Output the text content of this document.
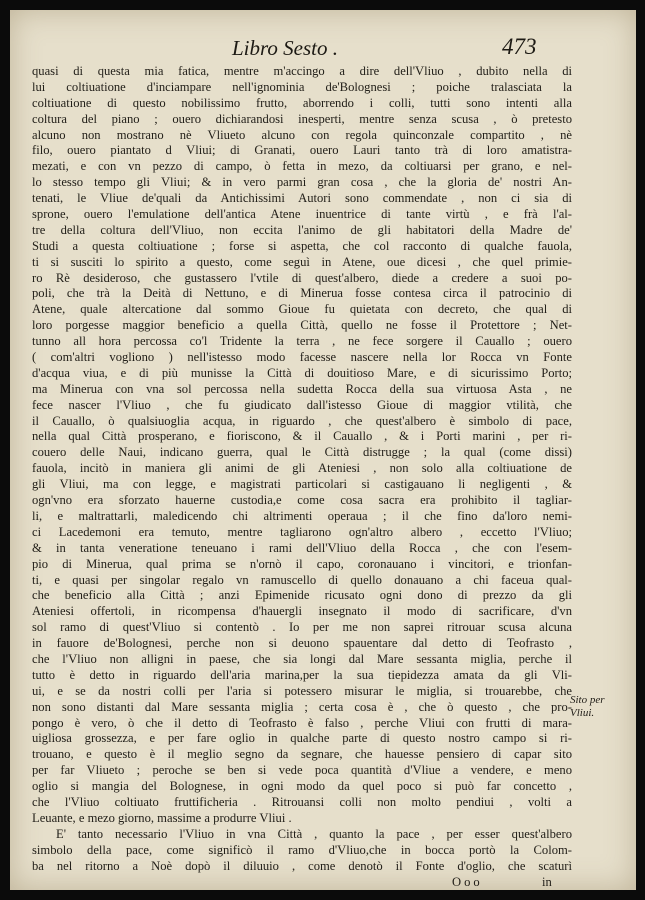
Libro Sesto .	473
quasi di questa mia fatica, mentre m'accingo a dire dell'Vliuo , dubito nella di
lui coltiuatione d'inciampare nell'ignominia de'Bolognesi ; poiche tralasciata la
coltiuatione di questo nobilissimo frutto, aborrendo i colli, tutti sono intenti alla
coltura del piano ; ouero dichiarandosi inesperti, mentre senza scusa , ò pretesto
alcuno non mostrano nè Vliueto alcuno con regola quinconzale compartito , nè
filo, ouero piantato d Vliui; di Granati, ouero Lauri tanto trà di loro amatistra-
mezati, e con vn pezzo di campo, ò fetta in mezo, da coltiuarsi per grano, e nel-
lo stesso tempo gli Vliui; & in vero parmi gran cosa , che la gloria de' nostri An-
tenati, le Vliue de'quali da Antichissimi Autori sono commendate , non ci sia di
sprone, ouero l'emulatione dell'antica Atene inuentrice di tante virtù , e frà l'al-
tre della coltura dell'Vliuo, non eccita l'animo de gli habitatori della Madre de'
Studi a questa coltiuatione ; forse si aspetta, che col racconto di qualche fauola,
ti si susciti lo spirito a questo, come seguì in Atene, oue dicesi , che quel primie-
ro Rè desideroso, che gustassero l'vtile di quest'albero, diede a credere a suoi po-
poli, che trà la Deità di Nettuno, e di Minerua fosse contesa circa il patrocinio di
Atene, quale altercatione dal sommo Gioue fu quietata con decreto, che qual di
loro porgesse maggior beneficio a quella Città, quello ne fosse il Protettore ; Net-
tunno all hora percossa co'l Tridente la terra , ne fece sorgere il Cauallo ; ouero
( com'altri vogliono ) nell'istesso modo facesse nascere nella lor Rocca vn Fonte
d'acqua viua, e di più munisse la Città di douitioso Mare, e di sicurissimo Porto;
ma Minerua con vna sol percossa nella sudetta Rocca della sua virtuosa Asta , ne
fece nascer l'Vliuo , che fu giudicato dall'istesso Gioue di maggior vtilità, che
il Cauallo, ò qualsiuoglia acqua, in riguardo , che quest'albero è simbolo di pace,
nella qual Città prosperano, e fioriscono, & il Cauallo , & i Porti marini , per ri-
couero delle Naui, indicano guerra, qual le Città distrugge ; la qual (come dissi)
fauola, incitò in maniera gli animi de gli Ateniesi , non solo alla coltiuatione de
gli Vliui, ma con legge, e magistrati particolari si castigauano li negligenti , &
ogn'vno era sforzato hauerne custodia,e come cosa sacra era prohibito il tagliar-
li, e maltrattarli, maledicendo chi altrimenti operaua ; il che fino da'loro nemi-
ci Lacedemoni era temuto, mentre tagliarono ogn'altro albero , eccetto l'Vliuo;
& in tanta veneratione teneuano i rami dell'Vliuo della Rocca , che con l'esem-
pio di Minerua, qual prima se n'ornò il capo, coronauano i vincitori, e trionfan-
ti, e quasi per singolar regalo vn ramuscello di quello donauano a chi faceua qual-
che beneficio alla Città ; anzi Epimenide ricusato ogni dono di prezzo da gli
Ateniesi offertoli, in ricompensa d'hauergli insegnato il modo di sacrificare, d'vn
sol ramo di quest'Vliuo si contentò . Io per me non saprei ritrouar scusa alcuna
in fauore de'Bolognesi, perche non si deuono spauentare dal detto di Teofrasto ,
che l'Vliuo non alligni in paese, che sia longi dal Mare sessanta miglia, perche il
tutto è detto in riguardo dell'aria marina,per la sua tiepidezza amata da gli Vli-
ui, e se da nostri colli per l'aria si potessero misurar le miglia, si trouarebbe, che
non sono distanti dal Mare sessanta miglia ; certa cosa è , che ò questo , che pro-
pongo è vero, ò che il detto di Teofrasto è falso , perche Vliui con frutti di mara-
uigliosa grossezza, e per fare oglio in qualche parte di questo nostro campo si ri-
trouano, e questo è il meglio segno da segnare, che hauesse pensiero di capar sito
per far Vliueto ; peroche se ben si vede poca quantità d'Vliue a vendere, e meno
oglio si mangia del Bolognese, in ogni modo da quel poco si può far concetto ,
che l'Vliuo coltiuato fruttificheria . Ritrouansi colli non molto pendiui , volti a
Leuante, e mezo giorno, massime a produrre Vliui .
E' tanto necessario l'Vliuo in vna Città , quanto la pace , per esser quest'albero
simbolo della pace, come significò il ramo d'Vliuo,che in bocca portò la Colom-
ba nel ritorno a Noè dopò il diluuio , come denotò il Fonte d'oglio, che scaturì
Ooo	in
Sito per
Vliui.
